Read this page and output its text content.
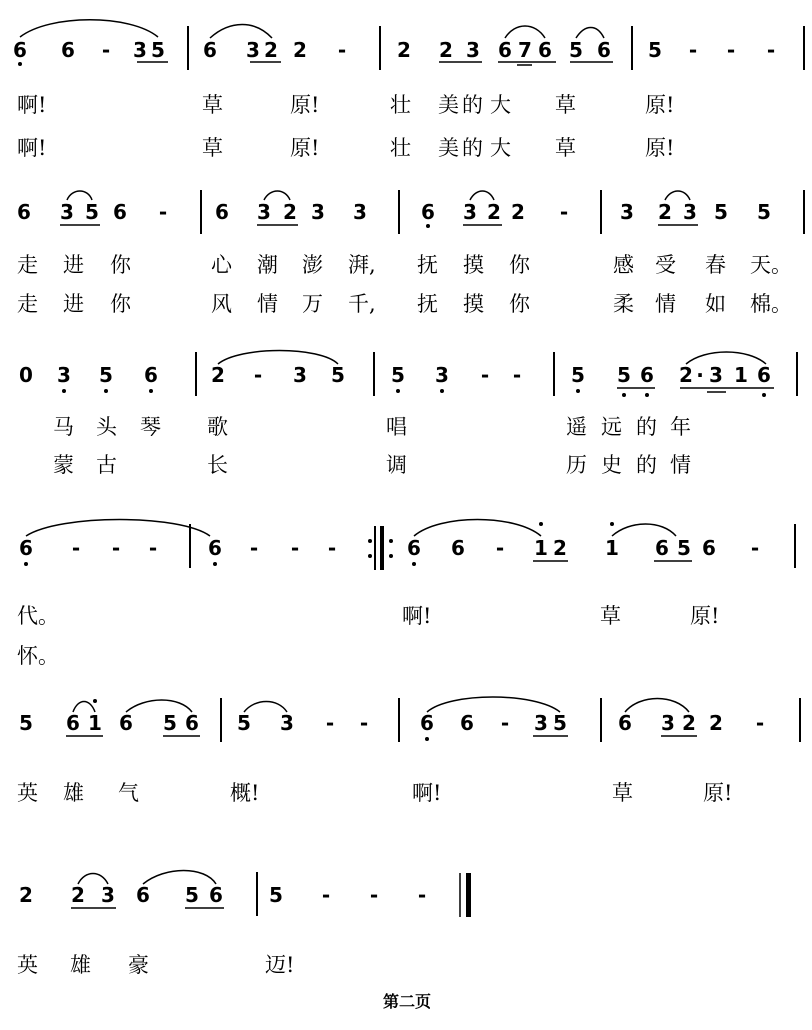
6 6 - 3 5 6 3 2 2 -	2 2 3 6 7 6 5 6 5 - - -
啊!	草	原!	壮 美 的 大 草	原!
啊!	草	原!	壮 美 的 大 草	原!
6 3 5 6 - 6 3 2 3 3	6 3 2 2 -	3 2 3 5 5
走 进 你	心 潮 澎 湃, 抚 摸 你	感 受 春 天。
走 进 你	风 情 万 千, 抚 摸 你	柔 情 如 棉。
0 3 5 6	2 - 3 5 5 3 - - 5 5 6 2 · 3 1 6
马 头 琴 歌	唱	遥 远 的 年
蒙 古	长	调	历 史 的 情
6 - - -	6 - - -	6 6 - 1 2 1 6 5 6 -
代。	啊!	草	原!
怀。
5 6 1 6 5 6 5 3 - -	6 6 - 3 5	6 3 2 2 -
英 雄 气	概!	啊!	草	原!
2 2 3 6 5 6 5 - - -
英 雄 豪	迈!
第二页
